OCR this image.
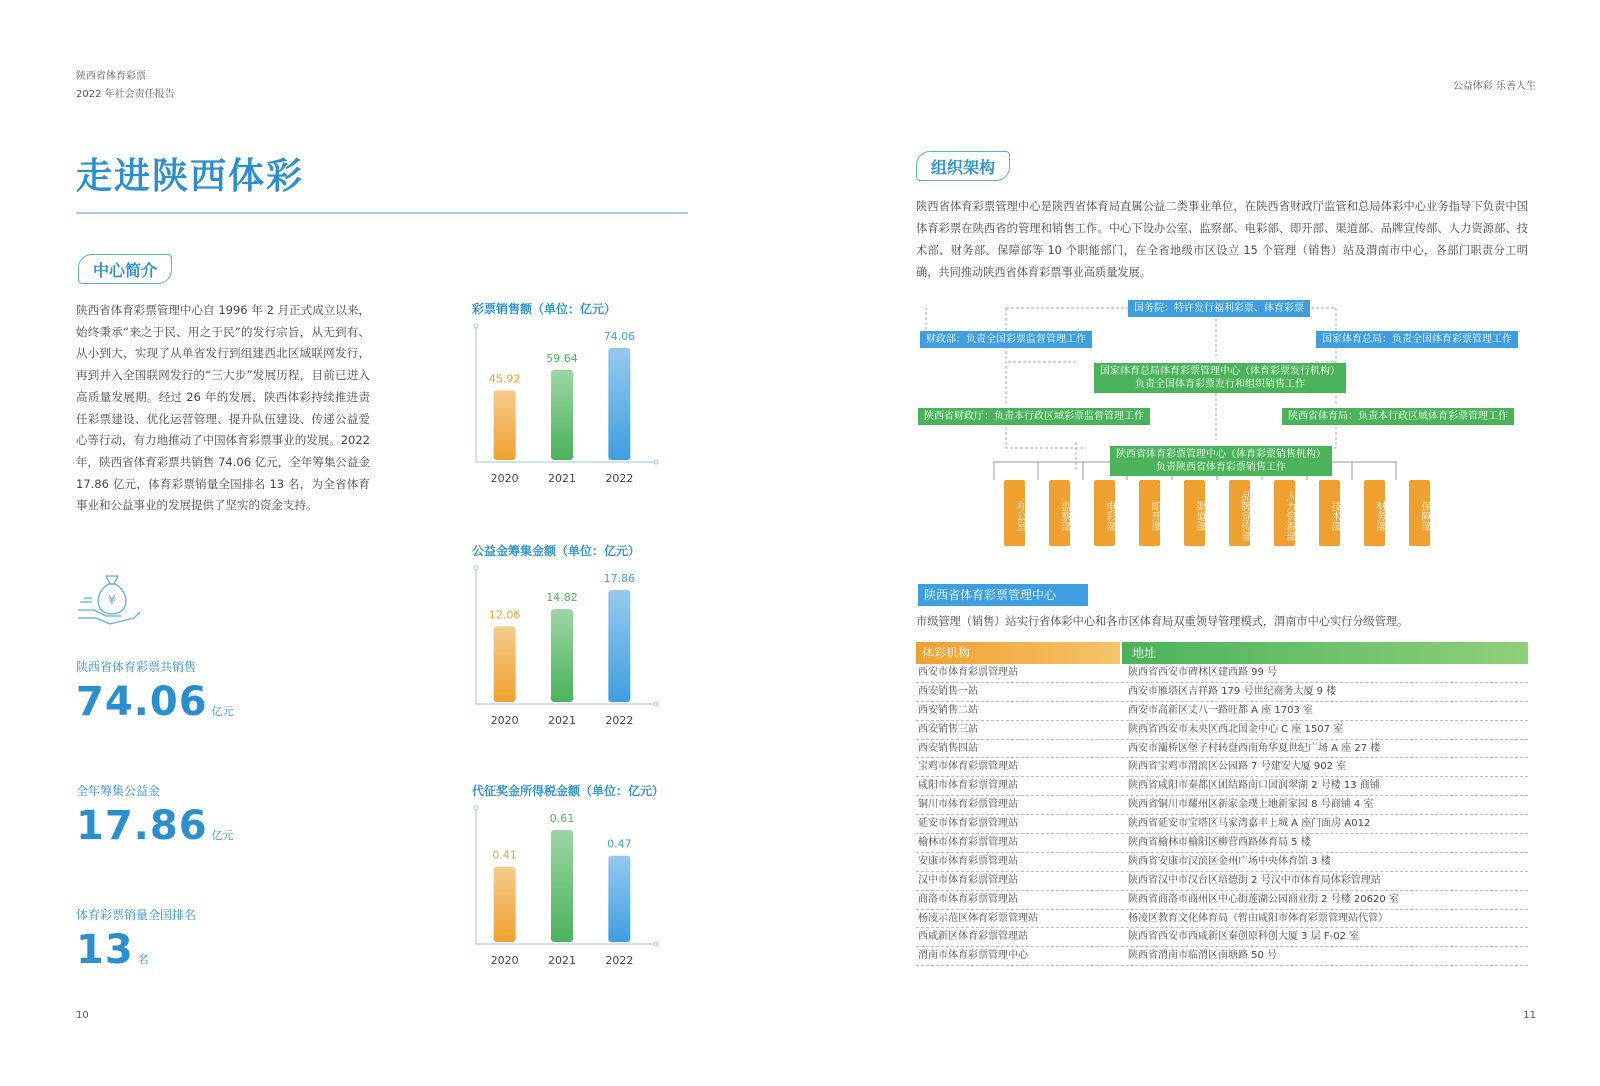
陕西省体育彩票
2022 年社会责任报告
公益体彩 乐善人生
走进陕西体彩
中心简介
陕西省体育彩票管理中心自 1996 年 2 月正式成立以来，始终秉承“来之于民、用之于民”的发行宗旨，从无到有、从小到大，实现了从单省发行到组建西北区域联网发行，再到并入全国联网发行的“三大步”发展历程，目前已进入高质量发展期。经过 26 年的发展，陕西体彩持续推进责任彩票建设、优化运营管理、提升队伍建设、传递公益爱心等行动，有力地推动了中国体育彩票事业的发展。2022 年，陕西省体育彩票共销售 74.06 亿元，全年筹集公益金 17.86 亿元，体育彩票销量全国排名 13 名，为全省体育事业和公益事业的发展提供了坚实的资金支持。
¥
陕西省体育彩票共销售
74.06 亿元
全年筹集公益金
17.86 亿元
体育彩票销量全国排名
13 名
彩票销售额（单位：亿元）
45.92
2020
59.64
2021
74.06
2022
公益金筹集金额（单位：亿元）
12.06
2020
14.82
2021
17.86
2022
代征奖金所得税金额（单位：亿元）
0.41
2020
0.61
2021
0.47
2022
组织架构
陕西省体育彩票管理中心是陕西省体育局直属公益二类事业单位，在陕西省财政厅监管和总局体彩中心业务指导下负责中国体育彩票在陕西省的管理和销售工作。中心下设办公室、监察部、电彩部、即开部、渠道部、品牌宣传部、人力资源部、技术部、财务部、保障部等 10 个职能部门，在全省地级市区设立 15 个管理（销售）站及渭南市中心，各部门职责分工明确，共同推动陕西省体育彩票事业高质量发展。
国务院：特许发行福利彩票、体育彩票
财政部：负责全国彩票监督管理工作	国家体育总局：负责全国体育彩票管理工作
国家体育总局体育彩票管理中心（体育彩票发行机构）
负责全国体育彩票发行和组织销售工作
陕西省财政厅：负责本行政区域彩票监督管理工作	陕西省体育局：负责本行政区域体育彩票管理工作
陕西省体育彩票管理中心（体育彩票销售机构）
负责陕西省体育彩票销售工作
办公室	监察部	电彩部	即开部	渠道部	品牌宣传部	人力资源部	技术部	财务部	保障部
陕西省体育彩票管理中心
市级管理（销售）站实行省体彩中心和各市区体育局双重领导管理模式，渭南市中心实行分级管理。
体彩机构	地址
西安市体育彩票管理站	陕西省西安市碑林区建西路 99 号
西安销售一站	西安市雁塔区吉祥路 179 号世纪商务大厦 9 楼
西安销售二站	西安市高新区丈八一路旺都 A 座 1703 室
西安销售三站	陕西省西安市未央区西北国金中心 C 座 1507 室
西安销售四站	西安市灞桥区堡子村转盘西南角华夏世纪广场 A 座 27 楼
宝鸡市体育彩票管理站	陕西省宝鸡市渭滨区公园路 7 号建安大厦 902 室
咸阳市体育彩票管理站	陕西省咸阳市秦都区团结路南口国润翠湖 2 号楼 13 商铺
铜川市体育彩票管理站	陕西省铜川市耀州区新家金璞上地新家园 8 号商铺 4 室
延安市体育彩票管理站	陕西省延安市宝塔区马家湾嘉丰上城 A 座门面房 A012
榆林市体育彩票管理站	陕西省榆林市榆阳区柳营西路体育局 5 楼
安康市体育彩票管理站	陕西省安康市汉滨区金州广场中央体育馆 3 楼
汉中市体育彩票管理站	陕西省汉中市汉台区培德街 2 号汉中市体育局体彩管理站
商洛市体育彩票管理站	陕西省商洛市商州区中心街莲湖公园商业街 2 号楼 20620 室
杨凌示范区体育彩票管理站	杨凌区教育文化体育局（暂由咸阳市体育彩票管理站代管）
西咸新区体育彩票管理站	陕西省西安市西咸新区秦创原科创大厦 3 层 F-02 室
渭南市体育彩票管理中心	陕西省渭南市临渭区南塘路 50 号
10	11
